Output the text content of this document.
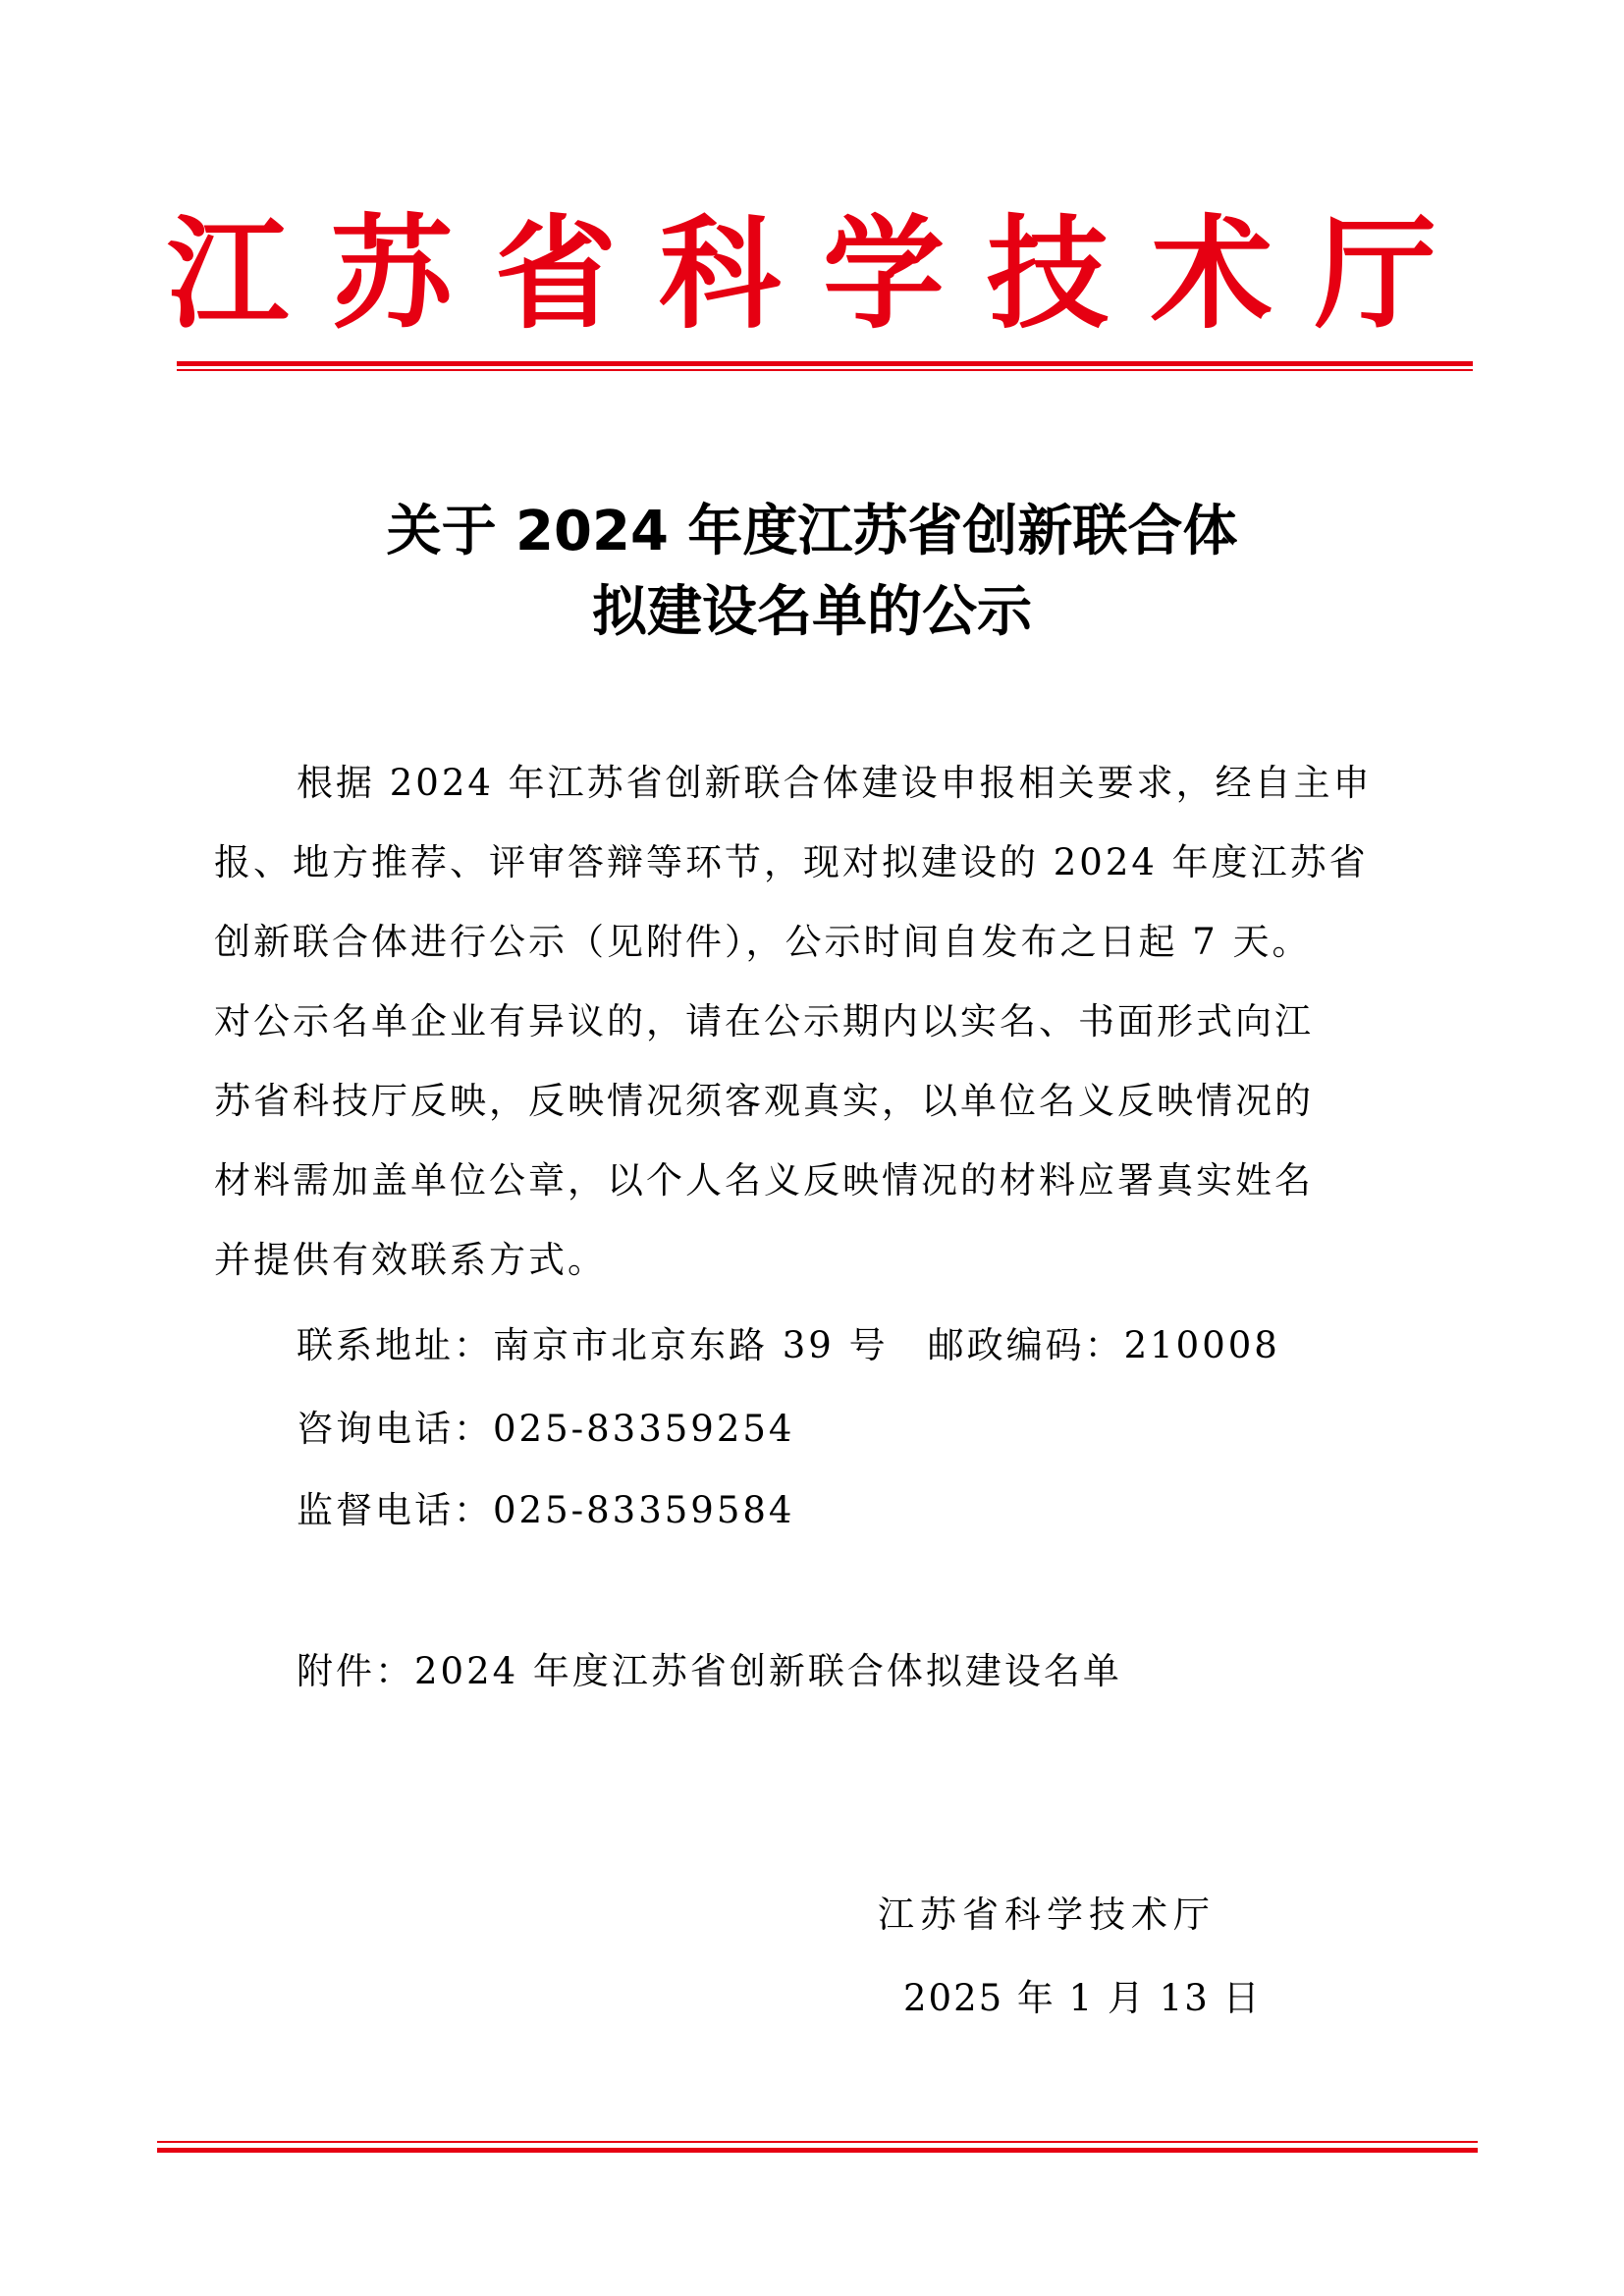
江苏省科学技术厅
关于 2024 年度江苏省创新联合体
拟建设名单的公示
根据 2024 年江苏省创新联合体建设申报相关要求，经自主申
报、地方推荐、评审答辩等环节，现对拟建设的 2024 年度江苏省
创新联合体进行公示（见附件），公示时间自发布之日起 7 天。
对公示名单企业有异议的，请在公示期内以实名、书面形式向江
苏省科技厅反映，反映情况须客观真实，以单位名义反映情况的
材料需加盖单位公章，以个人名义反映情况的材料应署真实姓名
并提供有效联系方式。
联系地址：南京市北京东路 39 号　邮政编码：210008
咨询电话：025-83359254
监督电话：025-83359584
附件：2024 年度江苏省创新联合体拟建设名单
江苏省科学技术厅
2025 年 1 月 13 日
